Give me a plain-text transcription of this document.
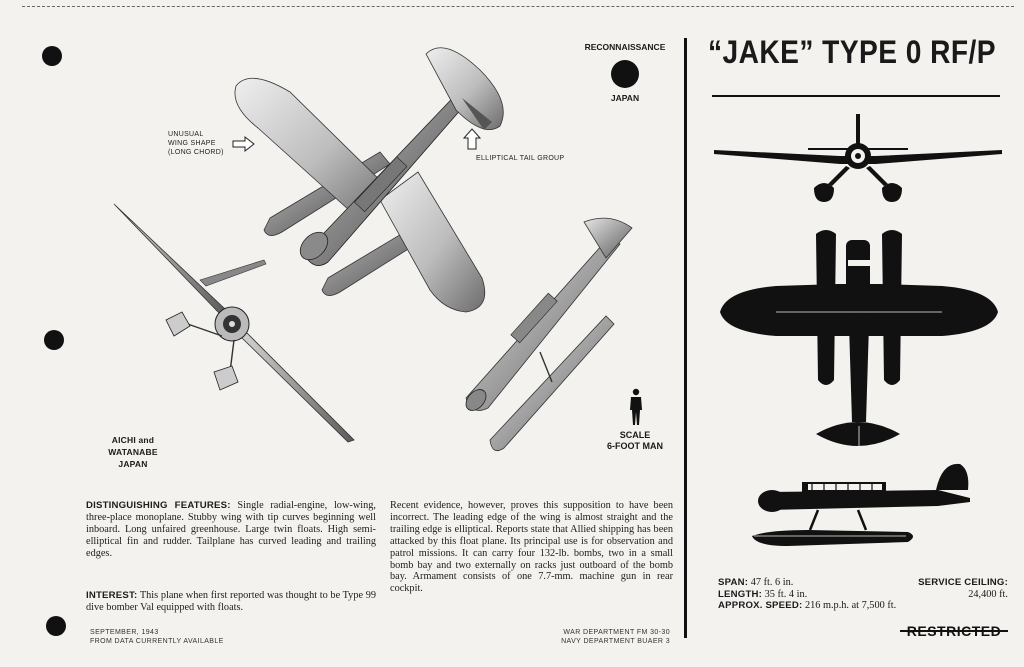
RECONNAISSANCE
JAPAN
“JAKE” TYPE 0 RF/P
UNUSUAL
WING SHAPE
(LONG CHORD)
ELLIPTICAL TAIL GROUP
AICHI and WATANABE
JAPAN
SCALE
6-FOOT MAN
DISTINGUISHING FEATURES: Single radial-engine, low-wing, three-place monoplane. Stubby wing with tip curves beginning well inboard. Long unfaired greenhouse. Large twin floats. High semi-elliptical fin and rudder. Tailplane has curved leading and trailing edges.
INTEREST: This plane when first reported was thought to be Type 99 dive bomber Val equipped with floats.
Recent evidence, however, proves this supposition to have been incorrect. The leading edge of the wing is almost straight and the trailing edge is elliptical. Reports state that Allied shipping has been attacked by this float plane. Its principal use is for observation and patrol missions. It can carry four 132-lb. bombs, two in a small bomb bay and two externally on racks just outboard of the bomb bay. Armament consists of one 7.7-mm. machine gun in rear cockpit.
SEPTEMBER, 1943
FROM DATA CURRENTLY AVAILABLE
WAR DEPARTMENT FM 30-30
NAVY DEPARTMENT BUAER 3
SPAN: 47 ft. 6 in.	SERVICE CEILING:
LENGTH: 35 ft. 4 in.	24,400 ft.
APPROX. SPEED: 216 m.p.h. at 7,500 ft.
RESTRICTED
